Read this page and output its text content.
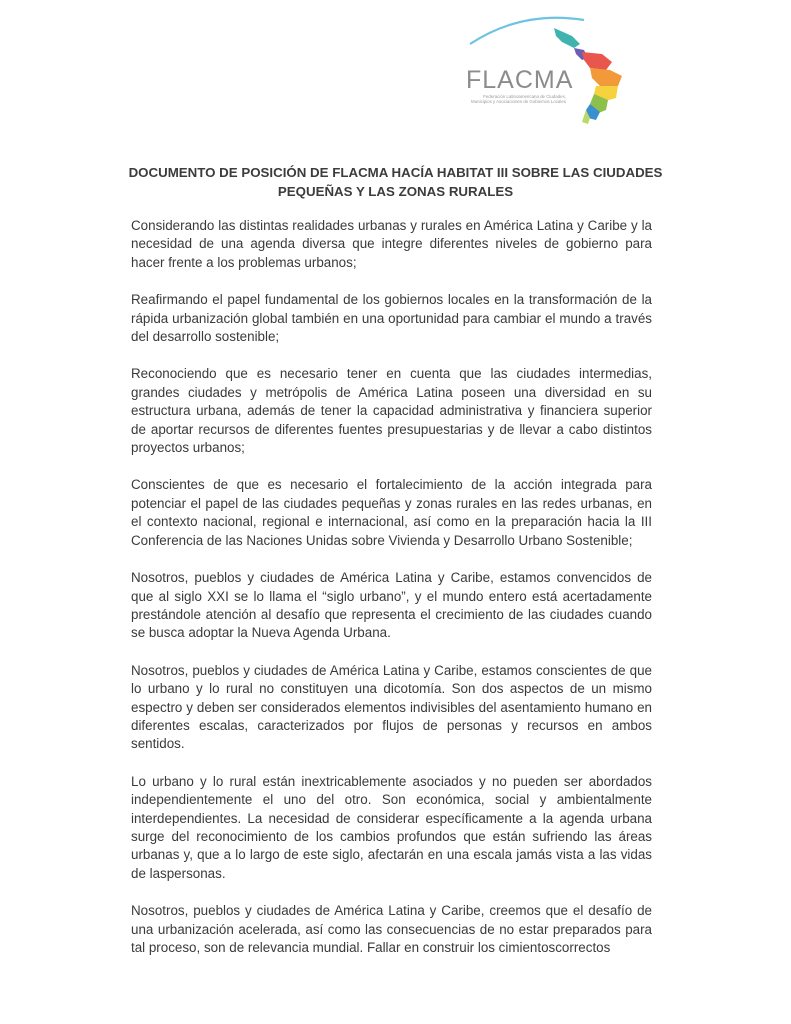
FLACMA
Federación Latinoamericana de Ciudades, Municipios y Asociaciones de Gobiernos Locales
DOCUMENTO DE POSICIÓN DE FLACMA HACÍA HABITAT III SOBRE LAS CIUDADES
PEQUEÑAS Y LAS ZONAS RURALES

Considerando las distintas realidades urbanas y rurales en América Latina y Caribe y la necesidad de una agenda diversa que integre diferentes niveles de gobierno para hacer frente a los problemas urbanos;

Reafirmando el papel fundamental de los gobiernos locales en la transformación de la rápida urbanización global también en una oportunidad para cambiar el mundo a través del desarrollo sostenible;

Reconociendo que es necesario tener en cuenta que las ciudades intermedias, grandes ciudades y metrópolis de América Latina poseen una diversidad en su estructura urbana, además de tener la capacidad administrativa y financiera superior de aportar recursos de diferentes fuentes presupuestarias y de llevar a cabo distintos proyectos urbanos;

Conscientes de que es necesario el fortalecimiento de la acción integrada para potenciar el papel de las ciudades pequeñas y zonas rurales en las redes urbanas, en el contexto nacional, regional e internacional, así como en la preparación hacia la III Conferencia de las Naciones Unidas sobre Vivienda y Desarrollo Urbano Sostenible;

Nosotros, pueblos y ciudades de América Latina y Caribe, estamos convencidos de que al siglo XXI se lo llama el “siglo urbano”, y el mundo entero está acertadamente prestándole atención al desafío que representa el crecimiento de las ciudades cuando se busca adoptar la Nueva Agenda Urbana.

Nosotros, pueblos y ciudades de América Latina y Caribe, estamos conscientes de que lo urbano y lo rural no constituyen una dicotomía. Son dos aspectos de un mismo espectro y deben ser considerados elementos indivisibles del asentamiento humano en diferentes escalas, caracterizados por flujos de personas y recursos en ambos sentidos.

Lo urbano y lo rural están inextricablemente asociados y no pueden ser abordados independientemente el uno del otro. Son económica, social y ambientalmente interdependientes. La necesidad de considerar específicamente a la agenda urbana surge del reconocimiento de los cambios profundos que están sufriendo las áreas urbanas y, que a lo largo de este siglo, afectarán en una escala jamás vista a las vidas de laspersonas.

Nosotros, pueblos y ciudades de América Latina y Caribe, creemos que el desafío de una urbanización acelerada, así como las consecuencias de no estar preparados para tal proceso, son de relevancia mundial. Fallar en construir los cimientoscorrectos
